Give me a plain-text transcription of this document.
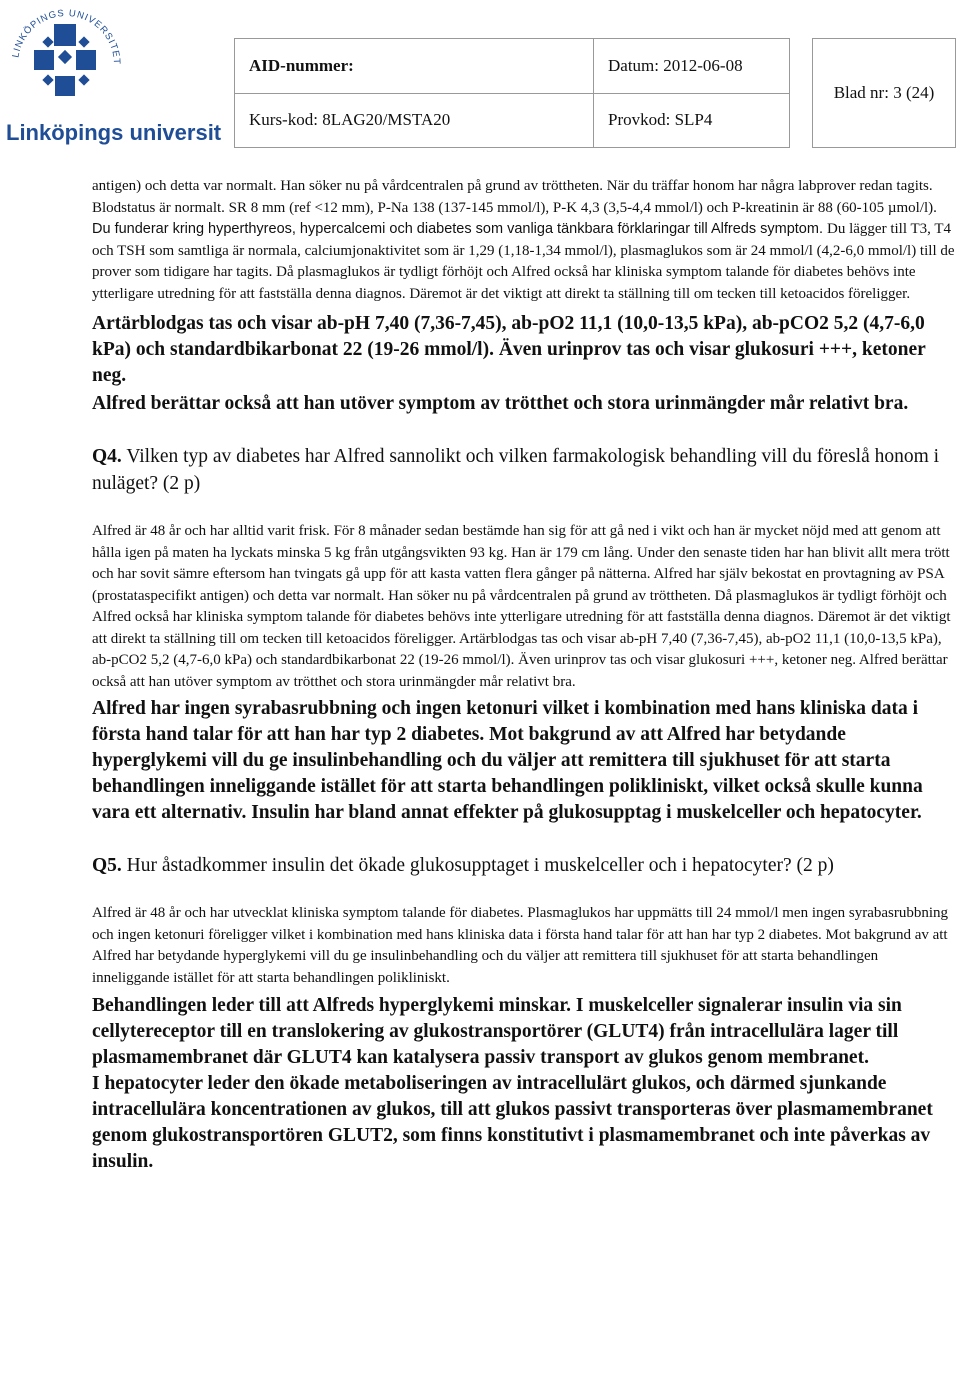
LINKÖPINGS UNIVERSITET
Linköpings universitet
AID-nummer:	Datum: 2012-06-08
Kurs-kod: 8LAG20/MSTA20	Provkod: SLP4
Blad nr: 3 (24)

antigen) och detta var normalt. Han söker nu på vårdcentralen på grund av tröttheten. När du träffar honom har några labprover redan tagits. Blodstatus är normalt. SR 8 mm (ref <12 mm), P-Na 138 (137-145 mmol/l), P-K 4,3 (3,5-4,4 mmol/l) och P-kreatinin är 88 (60-105 µmol/l). Du funderar kring hyperthyreos, hypercalcemi och diabetes som vanliga tänkbara förklaringar till Alfreds symptom. Du lägger till T3, T4 och TSH som samtliga är normala, calciumjonaktivitet som är 1,29 (1,18-1,34 mmol/l), plasmaglukos som är 24 mmol/l (4,2-6,0 mmol/l) till de prover som tidigare har tagits. Då plasmaglukos är tydligt förhöjt och Alfred också har kliniska symptom talande för diabetes behövs inte ytterligare utredning för att fastställa denna diagnos. Däremot är det viktigt att direkt ta ställning till om tecken till ketoacidos föreligger.

Artärblodgas tas och visar ab-pH 7,40 (7,36-7,45), ab-pO2 11,1 (10,0-13,5 kPa), ab-pCO2 5,2 (4,7-6,0 kPa) och standardbikarbonat 22 (19-26 mmol/l). Även urinprov tas och visar glukosuri +++, ketoner neg.

Alfred berättar också att han utöver symptom av trötthet och stora urinmängder mår relativt bra.

Q4. Vilken typ av diabetes har Alfred sannolikt och vilken farmakologisk behandling vill du föreslå honom i nuläget? (2 p)

Alfred är 48 år och har alltid varit frisk. För 8 månader sedan bestämde han sig för att gå ned i vikt och han är mycket nöjd med att genom att hålla igen på maten ha lyckats minska 5 kg från utgångsvikten 93 kg. Han är 179 cm lång. Under den senaste tiden har han blivit allt mera trött och har sovit sämre eftersom han tvingats gå upp för att kasta vatten flera gånger på nätterna. Alfred har själv bekostat en provtagning av PSA (prostataspecifikt antigen) och detta var normalt. Han söker nu på vårdcentralen på grund av tröttheten. Då plasmaglukos är tydligt förhöjt och Alfred också har kliniska symptom talande för diabetes behövs inte ytterligare utredning för att fastställa denna diagnos. Däremot är det viktigt att direkt ta ställning till om tecken till ketoacidos föreligger. Artärblodgas tas och visar ab-pH 7,40 (7,36-7,45), ab-pO2 11,1 (10,0-13,5 kPa), ab-pCO2 5,2 (4,7-6,0 kPa) och standardbikarbonat 22 (19-26 mmol/l). Även urinprov tas och visar glukosuri +++, ketoner neg. Alfred berättar också att han utöver symptom av trötthet och stora urinmängder mår relativt bra.

Alfred har ingen syrabasrubbning och ingen ketonuri vilket i kombination med hans kliniska data i första hand talar för att han har typ 2 diabetes. Mot bakgrund av att Alfred har betydande hyperglykemi vill du ge insulinbehandling och du väljer att remittera till sjukhuset för att starta behandlingen inneliggande istället för att starta behandlingen polikliniskt, vilket också skulle kunna vara ett alternativ. Insulin har bland annat effekter på glukosupptag i muskelceller och hepatocyter.

Q5. Hur åstadkommer insulin det ökade glukosupptaget i muskelceller och i hepatocyter? (2 p)

Alfred är 48 år och har utvecklat kliniska symptom talande för diabetes. Plasmaglukos har uppmätts till 24 mmol/l men ingen syrabasrubbning och ingen ketonuri föreligger vilket i kombination med hans kliniska data i första hand talar för att han har typ 2 diabetes. Mot bakgrund av att Alfred har betydande hyperglykemi vill du ge insulinbehandling och du väljer att remittera till sjukhuset för att starta behandlingen inneliggande istället för att starta behandlingen polikliniskt.

Behandlingen leder till att Alfreds hyperglykemi minskar. I muskelceller signalerar insulin via sin cellytereceptor till en translokering av glukostransportörer (GLUT4) från intracellulära lager till plasmamembranet där GLUT4 kan katalysera passiv transport av glukos genom membranet.

I hepatocyter leder den ökade metaboliseringen av intracellulärt glukos, och därmed sjunkande intracellulära koncentrationen av glukos, till att glukos passivt transporteras över plasmamembranet genom glukostransportören GLUT2, som finns konstitutivt i plasmamembranet och inte påverkas av insulin.
